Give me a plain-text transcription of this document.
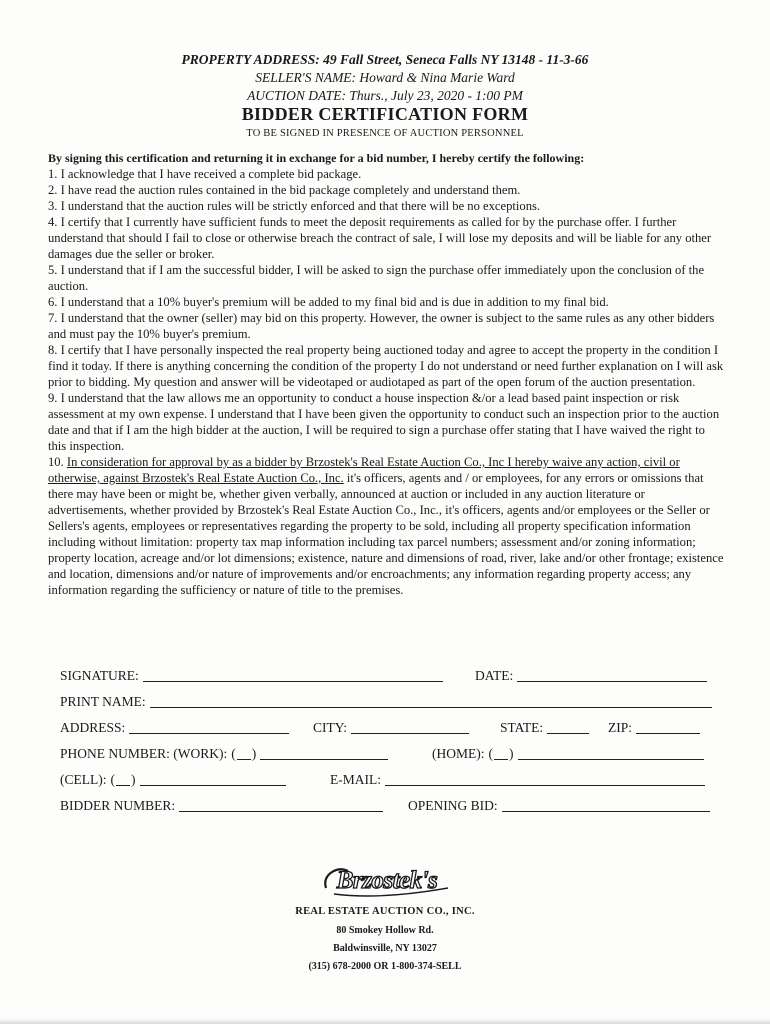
PROPERTY ADDRESS: 49 Fall Street, Seneca Falls NY 13148 - 11-3-66
SELLER'S NAME: Howard & Nina Marie Ward
AUCTION DATE: Thurs., July 23, 2020 - 1:00 PM
BIDDER CERTIFICATION FORM
TO BE SIGNED IN PRESENCE OF AUCTION PERSONNEL

By signing this certification and returning it in exchange for a bid number, I hereby certify the following:

1. I acknowledge that I have received a complete bid package.

2. I have read the auction rules contained in the bid package completely and understand them.

3. I understand that the auction rules will be strictly enforced and that there will be no exceptions.

4. I certify that I currently have sufficient funds to meet the deposit requirements as called for by the purchase offer. I further understand that should I fail to close or otherwise breach the contract of sale, I will lose my deposits and will be liable for any other damages due the seller or broker.

5. I understand that if I am the successful bidder, I will be asked to sign the purchase offer immediately upon the conclusion of the auction.

6. I understand that a 10% buyer's premium will be added to my final bid and is due in addition to my final bid.

7. I understand that the owner (seller) may bid on this property. However, the owner is subject to the same rules as any other bidders and must pay the 10% buyer's premium.

8. I certify that I have personally inspected the real property being auctioned today and agree to accept the property in the condition I find it today. If there is anything concerning the condition of the property I do not understand or need further explanation on I will ask prior to bidding. My question and answer will be videotaped or audiotaped as part of the open forum of the auction presentation.

9. I understand that the law allows me an opportunity to conduct a house inspection &/or a lead based paint inspection or risk assessment at my own expense. I understand that I have been given the opportunity to conduct such an inspection prior to the auction date and that if I am the high bidder at the auction, I will be required to sign a purchase offer stating that I have waived the right to this inspection.

10. In consideration for approval by as a bidder by Brzostek's Real Estate Auction Co., Inc I hereby waive any action, civil or otherwise, against Brzostek's Real Estate Auction Co., Inc. it's officers, agents and / or employees, for any errors or omissions that there may have been or might be, whether given verbally, announced at auction or included in any auction literature or advertisements, whether provided by Brzostek's Real Estate Auction Co., Inc., it's officers, agents and/or employees or the Seller or Sellers's agents, employees or representatives regarding the property to be sold, including all property specification information including without limitation: property tax map information including tax parcel numbers; assessment and/or zoning information; property location, acreage and/or lot dimensions; existence, nature and dimensions of road, river, lake and/or other frontage; existence and location, dimensions and/or nature of improvements and/or encroachments; any information regarding property access; any information regarding the sufficiency or nature of title to the premises.

SIGNATURE:	DATE:
PRINT NAME:
ADDRESS:	CITY:	STATE:	ZIP:
PHONE NUMBER: (WORK): ( )	(HOME): ( )
(CELL): ( )	E-MAIL:
BIDDER NUMBER:	OPENING BID:
Brzostek's
REAL ESTATE AUCTION CO., INC.
80 Smokey Hollow Rd.
Baldwinsville, NY 13027
(315) 678-2000 OR 1-800-374-SELL
